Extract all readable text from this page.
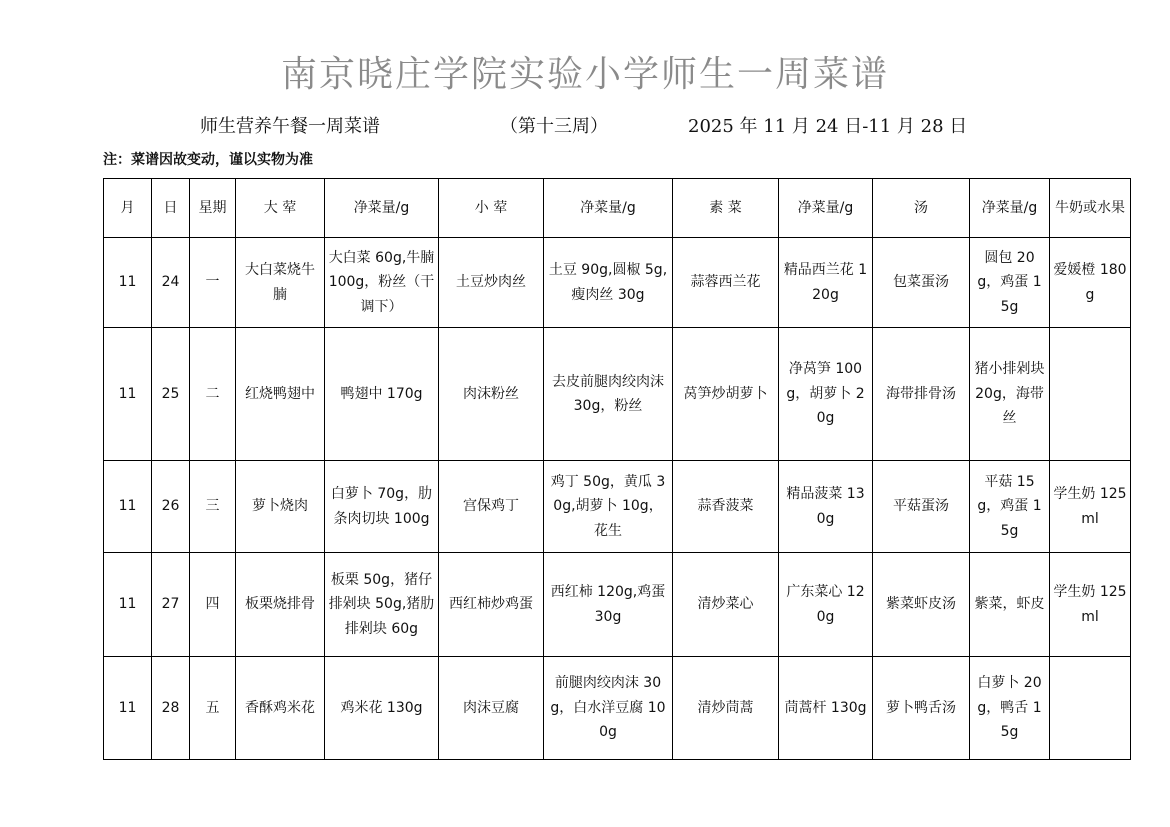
南京晓庄学院实验小学师生一周菜谱
师生营养午餐一周菜谱	（第十三周）	2025 年 11 月 24 日-11 月 28 日
注：菜谱因故变动，谨以实物为准
月	日	星期	大 荤	净菜量/g	小 荤	净菜量/g	素 菜	净菜量/g	汤	净菜量/g	牛奶或水果
11	24	一	大白菜烧牛腩	大白菜 60g,牛腩 100g，粉丝（干调下）	土豆炒肉丝	土豆 90g,圆椒 5g,瘦肉丝 30g	蒜蓉西兰花	精品西兰花 120g	包菜蛋汤	圆包 20g，鸡蛋 15g	爱媛橙 180g
11	25	二	红烧鸭翅中	鸭翅中 170g	肉沫粉丝	去皮前腿肉绞肉沫 30g，粉丝	莴笋炒胡萝卜	净莴笋 100g，胡萝卜 20g	海带排骨汤	猪小排剁块 20g，海带丝	
11	26	三	萝卜烧肉	白萝卜 70g，肋条肉切块 100g	宫保鸡丁	鸡丁 50g，黄瓜 30g,胡萝卜 10g，花生	蒜香菠菜	精品菠菜 130g	平菇蛋汤	平菇 15g，鸡蛋 15g	学生奶 125ml
11	27	四	板栗烧排骨	板栗 50g，猪仔排剁块 50g,猪肋排剁块 60g	西红柿炒鸡蛋	西红柿 120g,鸡蛋 30g	清炒菜心	广东菜心 120g	紫菜虾皮汤	紫菜，虾皮	学生奶 125ml
11	28	五	香酥鸡米花	鸡米花 130g	肉沫豆腐	前腿肉绞肉沫 30g，白水洋豆腐 100g	清炒茼蒿	茼蒿杆 130g	萝卜鸭舌汤	白萝卜 20g，鸭舌 15g	
